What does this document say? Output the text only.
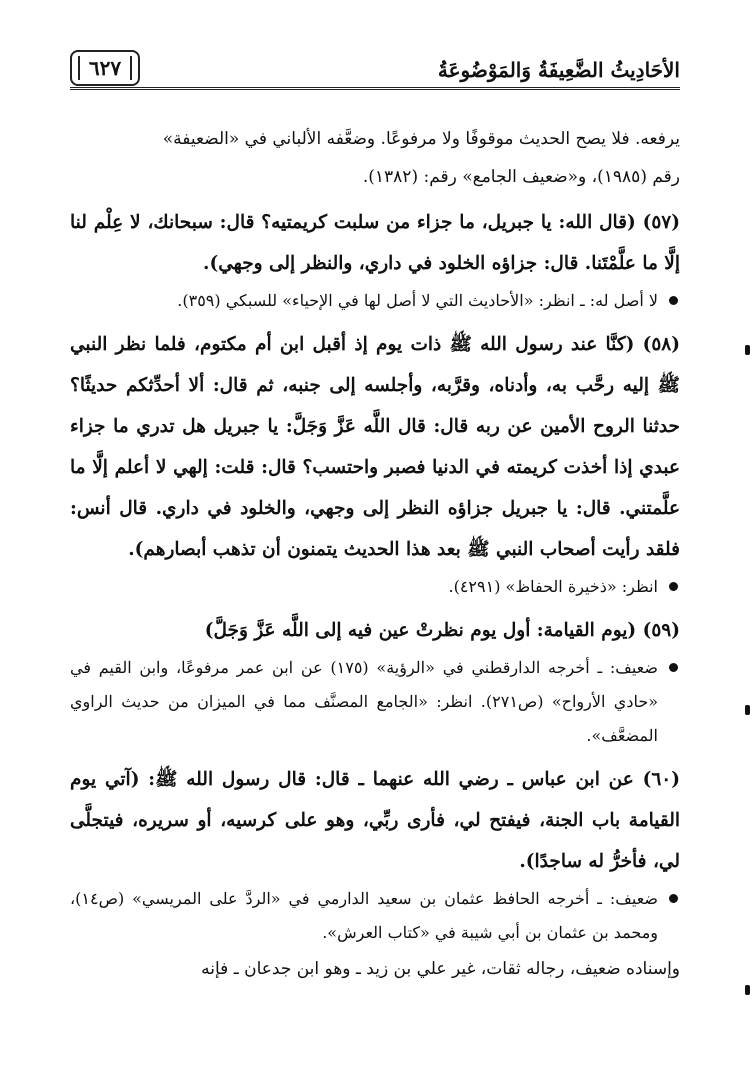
الأحَادِيثُ الضَّعِيفَةُ وَالمَوْضُوعَةُ
٦٢٧

يرفعه. فلا يصح الحديث موقوفًا ولا مرفوعًا. وضعَّفه الألباني في «الضعيفة»

رقم (١٩٨٥)، و«ضعيف الجامع» رقم: (١٣٨٢).

(٥٧) (قال الله: يا جبريل، ما جزاء من سلبت كريمتيه؟ قال: سبحانك، لا عِلْم لنا إلَّا ما علَّمْتَنا. قال: جزاؤه الخلود في داري، والنظر إلى وجهي).

لا أصل له: ـ انظر: «الأحاديث التي لا أصل لها في الإحياء» للسبكي (٣٥٩).

(٥٨) (كنَّا عند رسول الله ﷺ ذات يوم إذ أقبل ابن أم مكتوم، فلما نظر النبي ﷺ إليه رحَّب به، وأدناه، وقرَّبه، وأجلسه إلى جنبه، ثم قال: ألا أحدِّثكم حديثًا؟ حدثنا الروح الأمين عن ربه قال: قال اللَّه عَزَّ وَجَلَّ: يا جبريل هل تدري ما جزاء عبدي إذا أخذت كريمته في الدنيا فصبر واحتسب؟ قال: قلت: إلهي لا أعلم إلَّا ما علَّمتني. قال: يا جبريل جزاؤه النظر إلى وجهي، والخلود في داري. قال أنس: فلقد رأيت أصحاب النبي ﷺ بعد هذا الحديث يتمنون أن تذهب أبصارهم).

انظر: «ذخيرة الحفاظ» (٤٢٩١).

(٥٩) (يوم القيامة: أول يوم نظرتْ عين فيه إلى اللَّه عَزَّ وَجَلَّ)

ضعيف: ـ أخرجه الدارقطني في «الرؤية» (١٧٥) عن ابن عمر مرفوعًا، وابن القيم في «حادي الأرواح» (ص٢٧١). انظر: «الجامع المصنَّف مما في الميزان من حديث الراوي المضعَّف».

(٦٠) عن ابن عباس ـ رضي الله عنهما ـ قال: قال رسول الله ﷺ: (آتي يوم القيامة باب الجنة، فيفتح لي، فأرى ربِّي، وهو على كرسيه، أو سريره، فيتجلَّى لي، فأخرُّ له ساجدًا).

ضعيف: ـ أخرجه الحافظ عثمان بن سعيد الدارمي في «الردَّ على المريسي» (ص١٤)، ومحمد بن عثمان بن أبي شيبة في «كتاب العرش».

وإسناده ضعيف، رجاله ثقات، غير علي بن زيد ـ وهو ابن جدعان ـ فإنه
